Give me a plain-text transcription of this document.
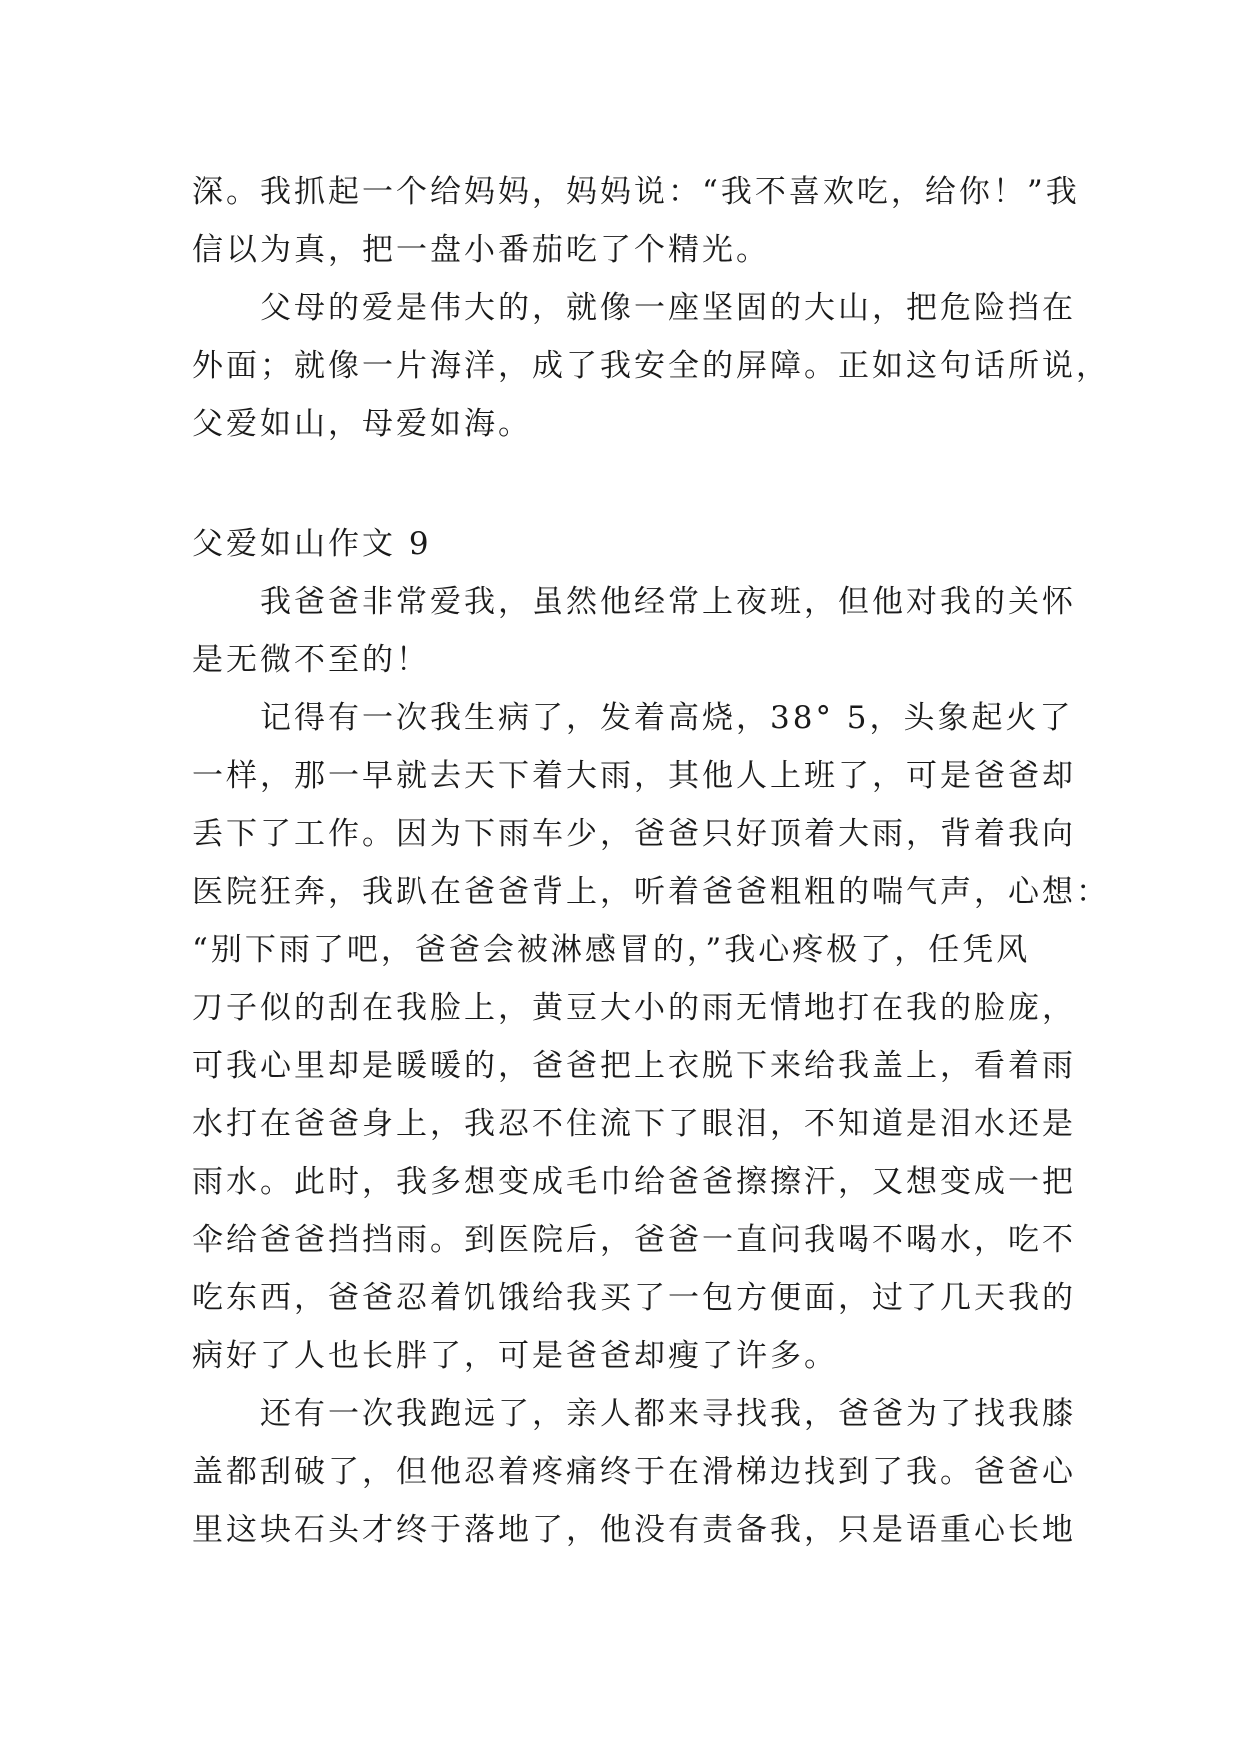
深。我抓起一个给妈妈，妈妈说：“我不喜欢吃，给你！”我
信以为真，把一盘小番茄吃了个精光。
父母的爱是伟大的，就像一座坚固的大山，把危险挡在
外面；就像一片海洋，成了我安全的屏障。正如这句话所说，
父爱如山，母爱如海。
父爱如山作文 9
我爸爸非常爱我，虽然他经常上夜班，但他对我的关怀
是无微不至的！
记得有一次我生病了，发着高烧，38° 5，头象起火了
一样，那一早就去天下着大雨，其他人上班了，可是爸爸却
丢下了工作。因为下雨车少，爸爸只好顶着大雨，背着我向
医院狂奔，我趴在爸爸背上，听着爸爸粗粗的喘气声，心想：
“别下雨了吧，爸爸会被淋感冒的，”我心疼极了，任凭风
刀子似的刮在我脸上，黄豆大小的雨无情地打在我的脸庞，
可我心里却是暖暖的，爸爸把上衣脱下来给我盖上，看着雨
水打在爸爸身上，我忍不住流下了眼泪，不知道是泪水还是
雨水。此时，我多想变成毛巾给爸爸擦擦汗，又想变成一把
伞给爸爸挡挡雨。到医院后，爸爸一直问我喝不喝水，吃不
吃东西，爸爸忍着饥饿给我买了一包方便面，过了几天我的
病好了人也长胖了，可是爸爸却瘦了许多。
还有一次我跑远了，亲人都来寻找我，爸爸为了找我膝
盖都刮破了，但他忍着疼痛终于在滑梯边找到了我。爸爸心
里这块石头才终于落地了，他没有责备我，只是语重心长地
